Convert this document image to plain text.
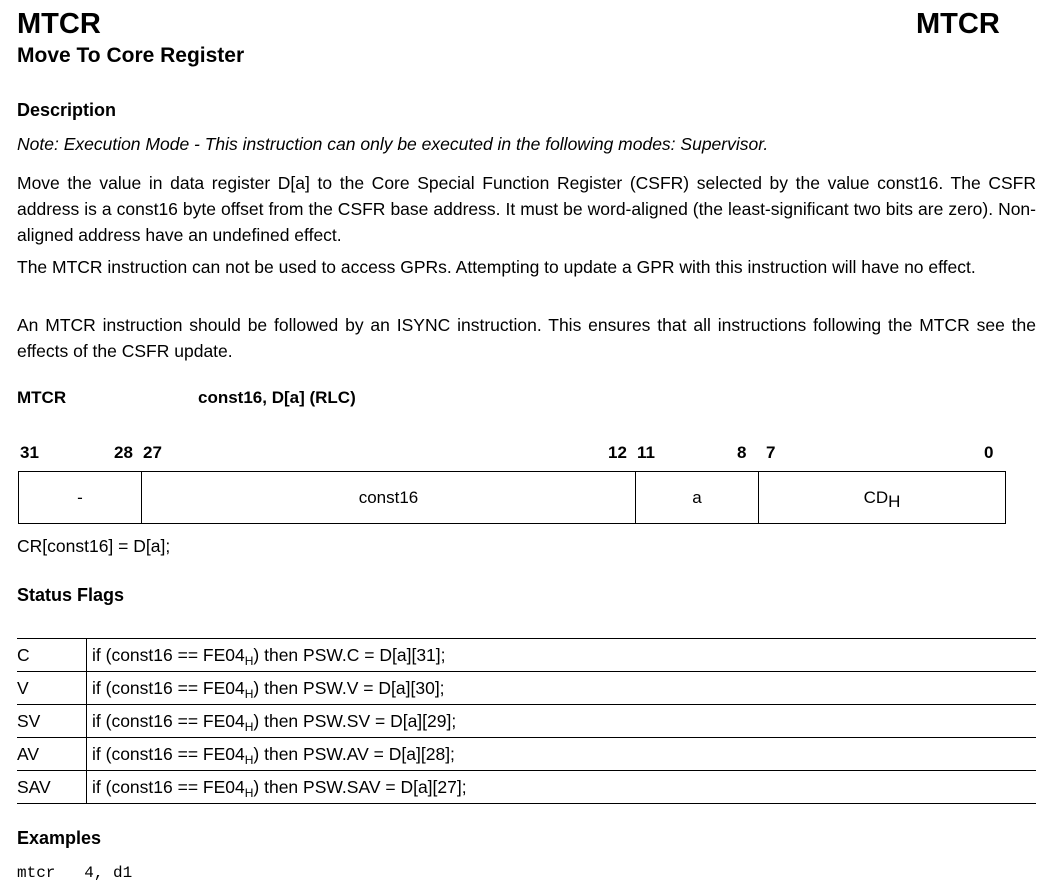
MTCR	MTCR
Move To Core Register
Description
Note: Execution Mode - This instruction can only be executed in the following modes: Supervisor.
Move the value in data register D[a] to the Core Special Function Register (CSFR) selected by the value const16. The CSFR address is a const16 byte offset from the CSFR base address. It must be word-aligned (the least-significant two bits are zero). Non-aligned address have an undefined effect.
The MTCR instruction can not be used to access GPRs. Attempting to update a GPR with this instruction will have no effect.
An MTCR instruction should be followed by an ISYNC instruction. This ensures that all instructions following the MTCR see the effects of the CSFR update.
MTCR	const16, D[a] (RLC)
31	28 27	12 11	8 7	0
-	const16	a	CD H
CR[const16] = D[a];
Status Flags
C	if (const16 == $FE04_H$) then PSW.C = D[a][31];
V	if (const16 == $FE04_H$) then PSW.V = D[a][30];
SV	if (const16 == $FE04_H$) then PSW.SV = D[a][29];
AV	if (const16 == $FE04_H$) then PSW.AV = D[a][28];
SAV	if (const16 == $FE04_H$) then PSW.SAV = D[a][27];
Examples
mtcr   4, d1
